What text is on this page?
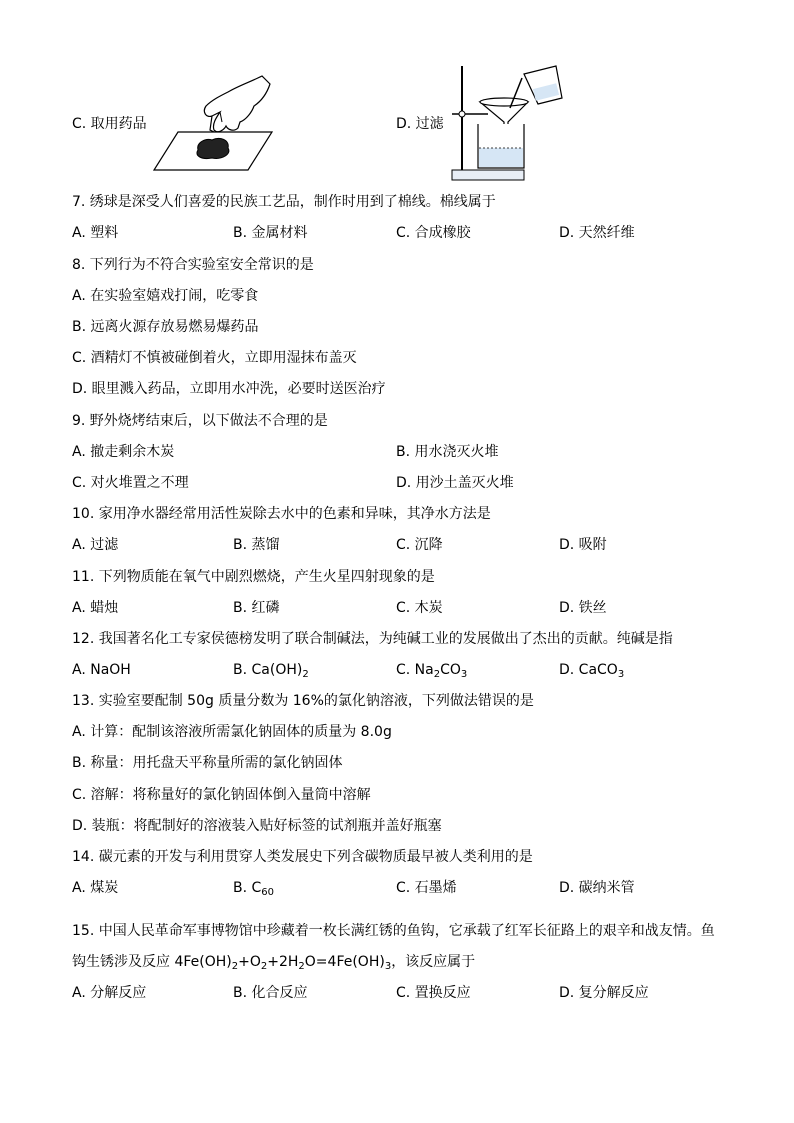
C. 取用药品	D. 过滤
7. 绣球是深受人们喜爱的民族工艺品，制作时用到了棉线。棉线属于
A. 塑料	B. 金属材料	C. 合成橡胶	D. 天然纤维
8. 下列行为不符合实验室安全常识的是
A. 在实验室嬉戏打闹，吃零食
B. 远离火源存放易燃易爆药品
C. 酒精灯不慎被碰倒着火，立即用湿抹布盖灭
D. 眼里溅入药品，立即用水冲洗，必要时送医治疗
9. 野外烧烤结束后，以下做法不合理的是
A. 撤走剩余木炭	B. 用水浇灭火堆
C. 对火堆置之不理	D. 用沙土盖灭火堆
10. 家用净水器经常用活性炭除去水中的色素和异味，其净水方法是
A. 过滤	B. 蒸馏	C. 沉降	D. 吸附
11. 下列物质能在氧气中剧烈燃烧，产生火星四射现象的是
A. 蜡烛	B. 红磷	C. 木炭	D. 铁丝
12. 我国著名化工专家侯德榜发明了联合制碱法，为纯碱工业的发展做出了杰出的贡献。纯碱是指
A. NaOH	B. $Ca(OH)_2$	C. $Na_2CO_3$	D. CaCO$_3$
13. 实验室要配制 50g 质量分数为 16%的氯化钠溶液，下列做法错误的是
A. 计算：配制该溶液所需氯化钠固体的质量为 8.0g
B. 称量：用托盘天平称量所需的氯化钠固体
C. 溶解：将称量好的氯化钠固体倒入量筒中溶解
D. 装瓶：将配制好的溶液装入贴好标签的试剂瓶并盖好瓶塞
14. 碳元素的开发与利用贯穿人类发展史下列含碳物质最早被人类利用的是
A. 煤炭	B. $C_{60}$	C. 石墨烯	D. 碳纳米管
15. 中国人民革命军事博物馆中珍藏着一枚长满红锈的鱼钩，它承载了红军长征路上的艰辛和战友情。鱼
钩生锈涉及反应 $4Fe(OH)_2+O_2+2H_2O=4Fe(OH)_3$，该反应属于
A. 分解反应	B. 化合反应	C. 置换反应	D. 复分解反应
